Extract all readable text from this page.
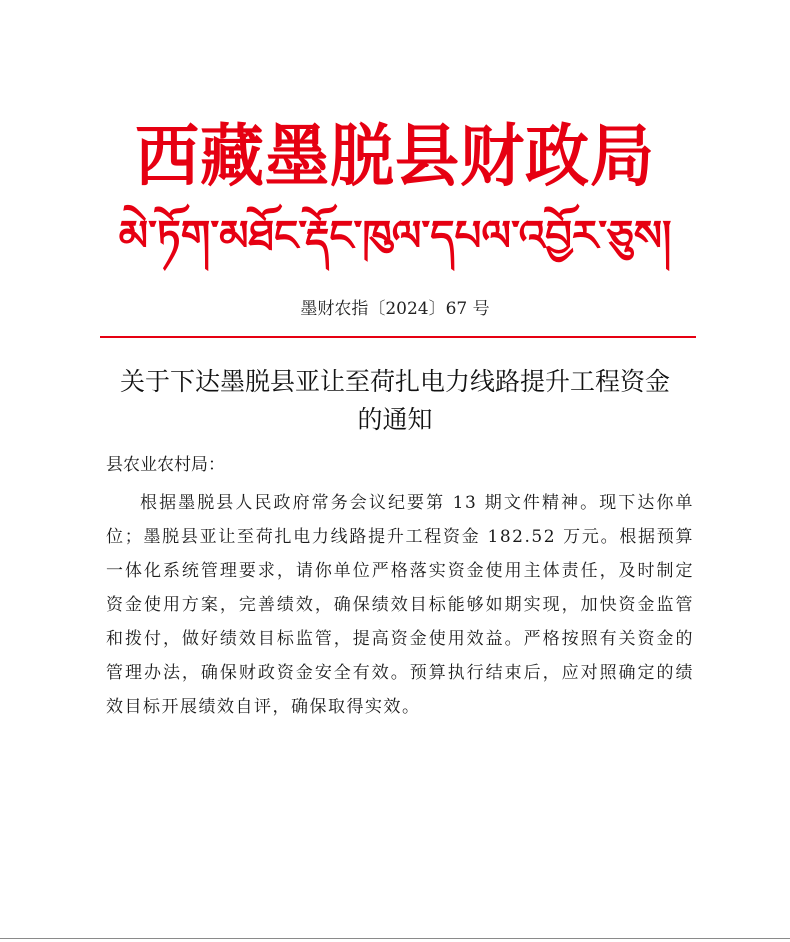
西藏墨脱县财政局
མེ་ཏོག་མཐོང་རྡོང་ཁུལ་དཔལ་འབྱོར་ཅུས།
墨财农指〔2024〕67 号
关于下达墨脱县亚让至荷扎电力线路提升工程资金的通知
县农业农村局：
根据墨脱县人民政府常务会议纪要第 13 期文件精神。现下达你单位；墨脱县亚让至荷扎电力线路提升工程资金 182.52 万元。根据预算一体化系统管理要求，请你单位严格落实资金使用主体责任，及时制定资金使用方案，完善绩效，确保绩效目标能够如期实现，加快资金监管和拨付，做好绩效目标监管，提高资金使用效益。严格按照有关资金的管理办法，确保财政资金安全有效。预算执行结束后，应对照确定的绩效目标开展绩效自评，确保取得实效。
